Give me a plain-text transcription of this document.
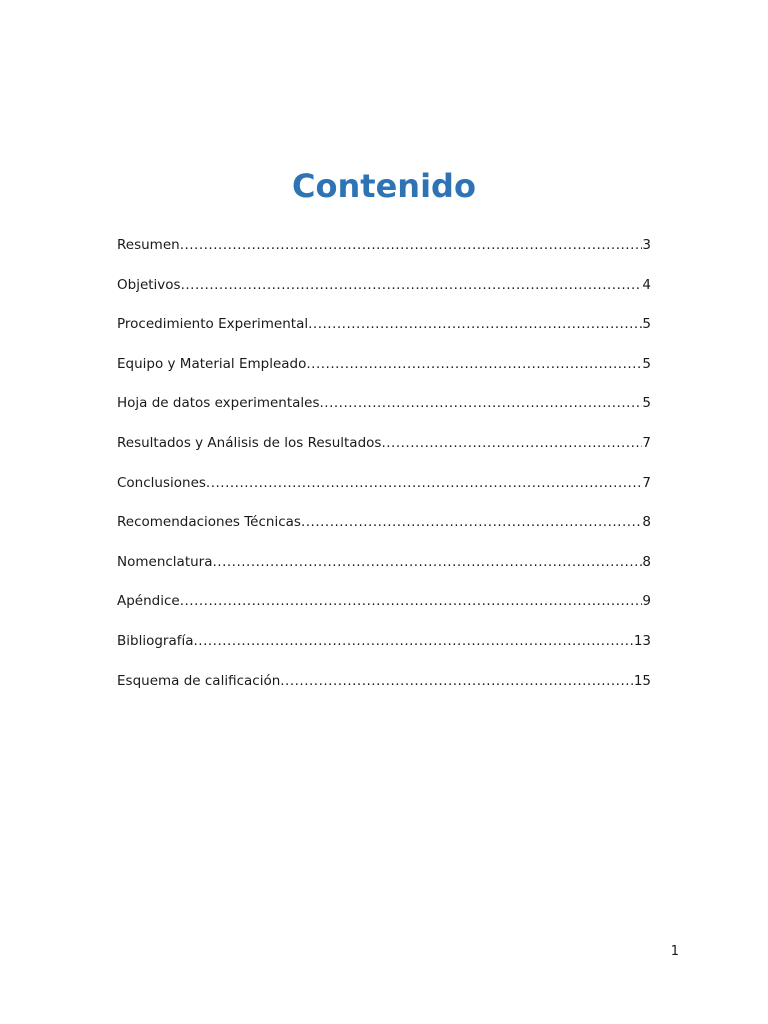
Contenido
Resumen .....	3
Objetivos .....	4
Procedimiento Experimental .....	5
Equipo y Material Empleado .....	5
Hoja de datos experimentales .....	5
Resultados y Análisis de los Resultados .....	7
Conclusiones .....	7
Recomendaciones Técnicas .....	8
Nomenclatura .....	8
Apéndice .....	9
Bibliografía .....	13
Esquema de calificación .....	15
1
